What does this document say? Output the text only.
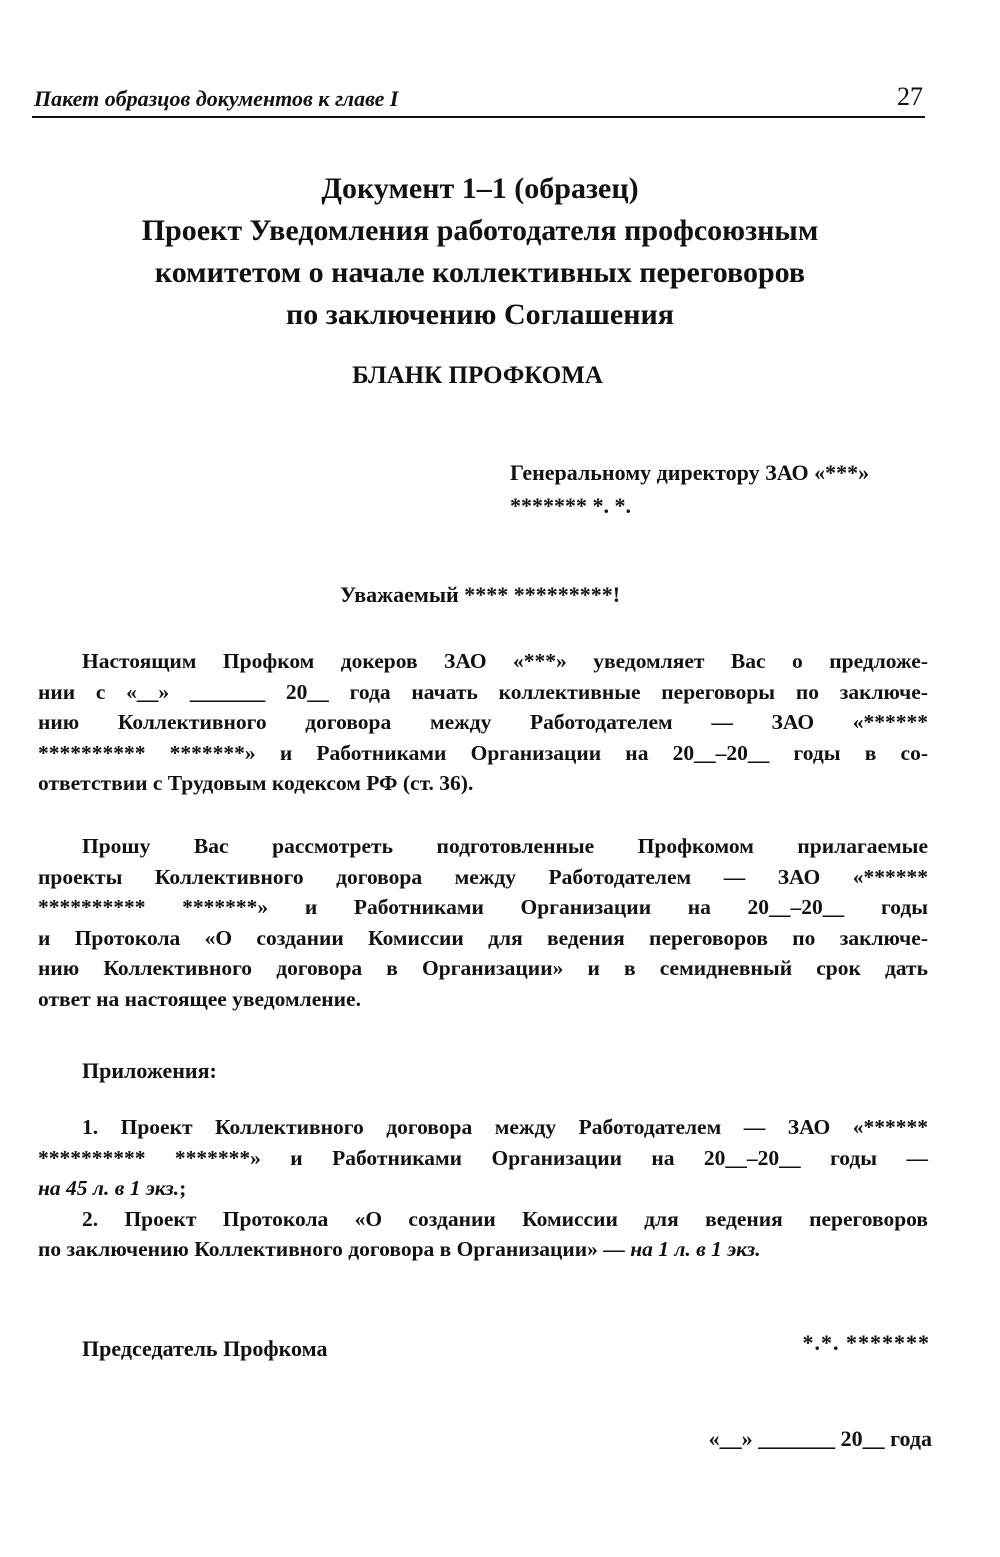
Пакет образцов документов к главе I	27
Документ 1–1 (образец)
Проект Уведомления работодателя профсоюзным
комитетом о начале коллективных переговоров
по заключению Соглашения
БЛАНК ПРОФКОМА
Генеральному директору ЗАО «***»
******* *. *.
Уважаемый **** *********!
Настоящим Профком докеров ЗАО «***» уведомляет Вас о предложе-
нии с «__» _______ 20__ года начать коллективные переговоры по заключе-
нию Коллективного договора между Работодателем — ЗАО «******
********** *******» и Работниками Организации на 20__–20__ годы в со-
ответствии с Трудовым кодексом РФ (ст. 36).
Прошу Вас рассмотреть подготовленные Профкомом прилагаемые
проекты Коллективного договора между Работодателем — ЗАО «******
********** *******» и Работниками Организации на 20__–20__ годы
и Протокола «О создании Комиссии для ведения переговоров по заключе-
нию Коллективного договора в Организации» и в семидневный срок дать
ответ на настоящее уведомление.
Приложения:
1. Проект Коллективного договора между Работодателем — ЗАО «******
********** *******» и Работниками Организации на 20__–20__ годы —
на 45 л. в 1 экз.;
2. Проект Протокола «О создании Комиссии для ведения переговоров
по заключению Коллективного договора в Организации» — на 1 л. в 1 экз.
Председатель Профкома	*.*. *******
«__» _______ 20__ года
